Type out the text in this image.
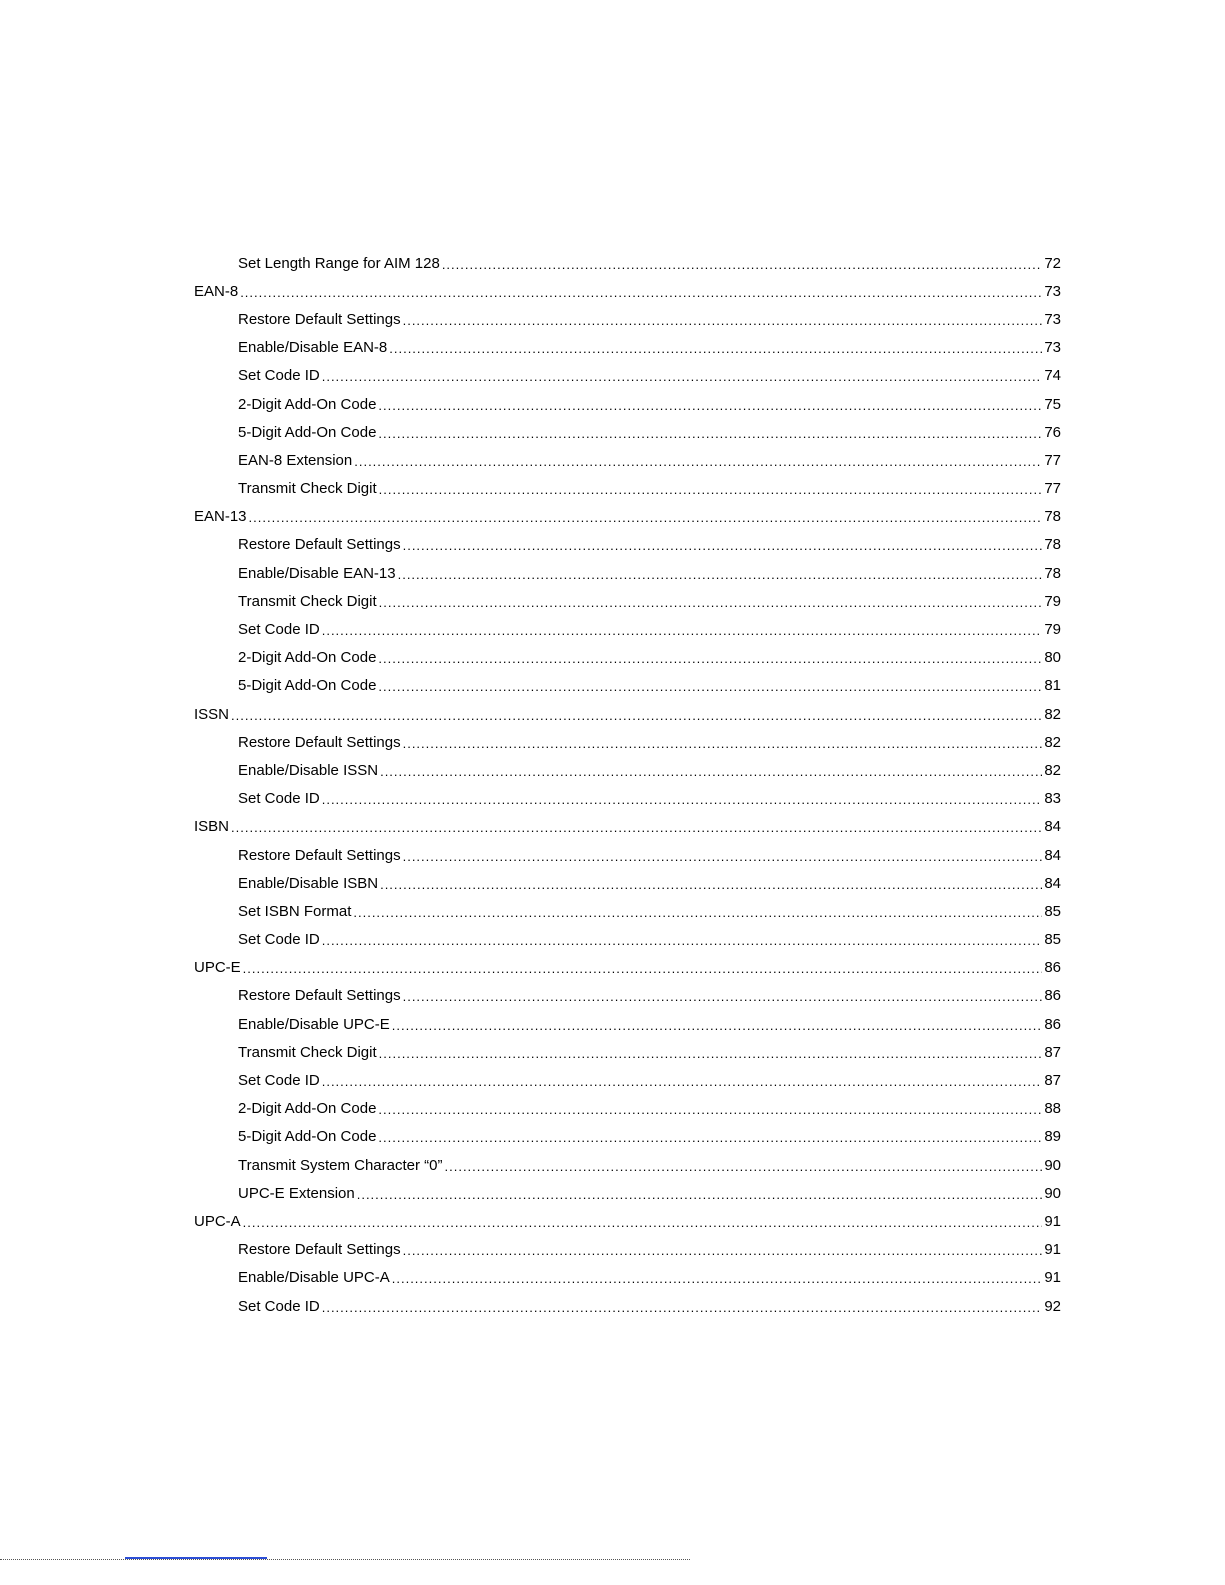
Set Length Range for AIM 128 .....	72
EAN-8 .....	73
Restore Default Settings .....	73
Enable/Disable EAN-8 .....	73
Set Code ID .....	74
2-Digit Add-On Code .....	75
5-Digit Add-On Code .....	76
EAN-8 Extension .....	77
Transmit Check Digit .....	77
EAN-13 .....	78
Restore Default Settings .....	78
Enable/Disable EAN-13 .....	78
Transmit Check Digit .....	79
Set Code ID .....	79
2-Digit Add-On Code .....	80
5-Digit Add-On Code .....	81
ISSN .....	82
Restore Default Settings .....	82
Enable/Disable ISSN .....	82
Set Code ID .....	83
ISBN .....	84
Restore Default Settings .....	84
Enable/Disable ISBN .....	84
Set ISBN Format .....	85
Set Code ID .....	85
UPC-E .....	86
Restore Default Settings .....	86
Enable/Disable UPC-E .....	86
Transmit Check Digit .....	87
Set Code ID .....	87
2-Digit Add-On Code .....	88
5-Digit Add-On Code .....	89
Transmit System Character “0” .....	90
UPC-E Extension .....	90
UPC-A .....	91
Restore Default Settings .....	91
Enable/Disable UPC-A .....	91
Set Code ID .....	92
